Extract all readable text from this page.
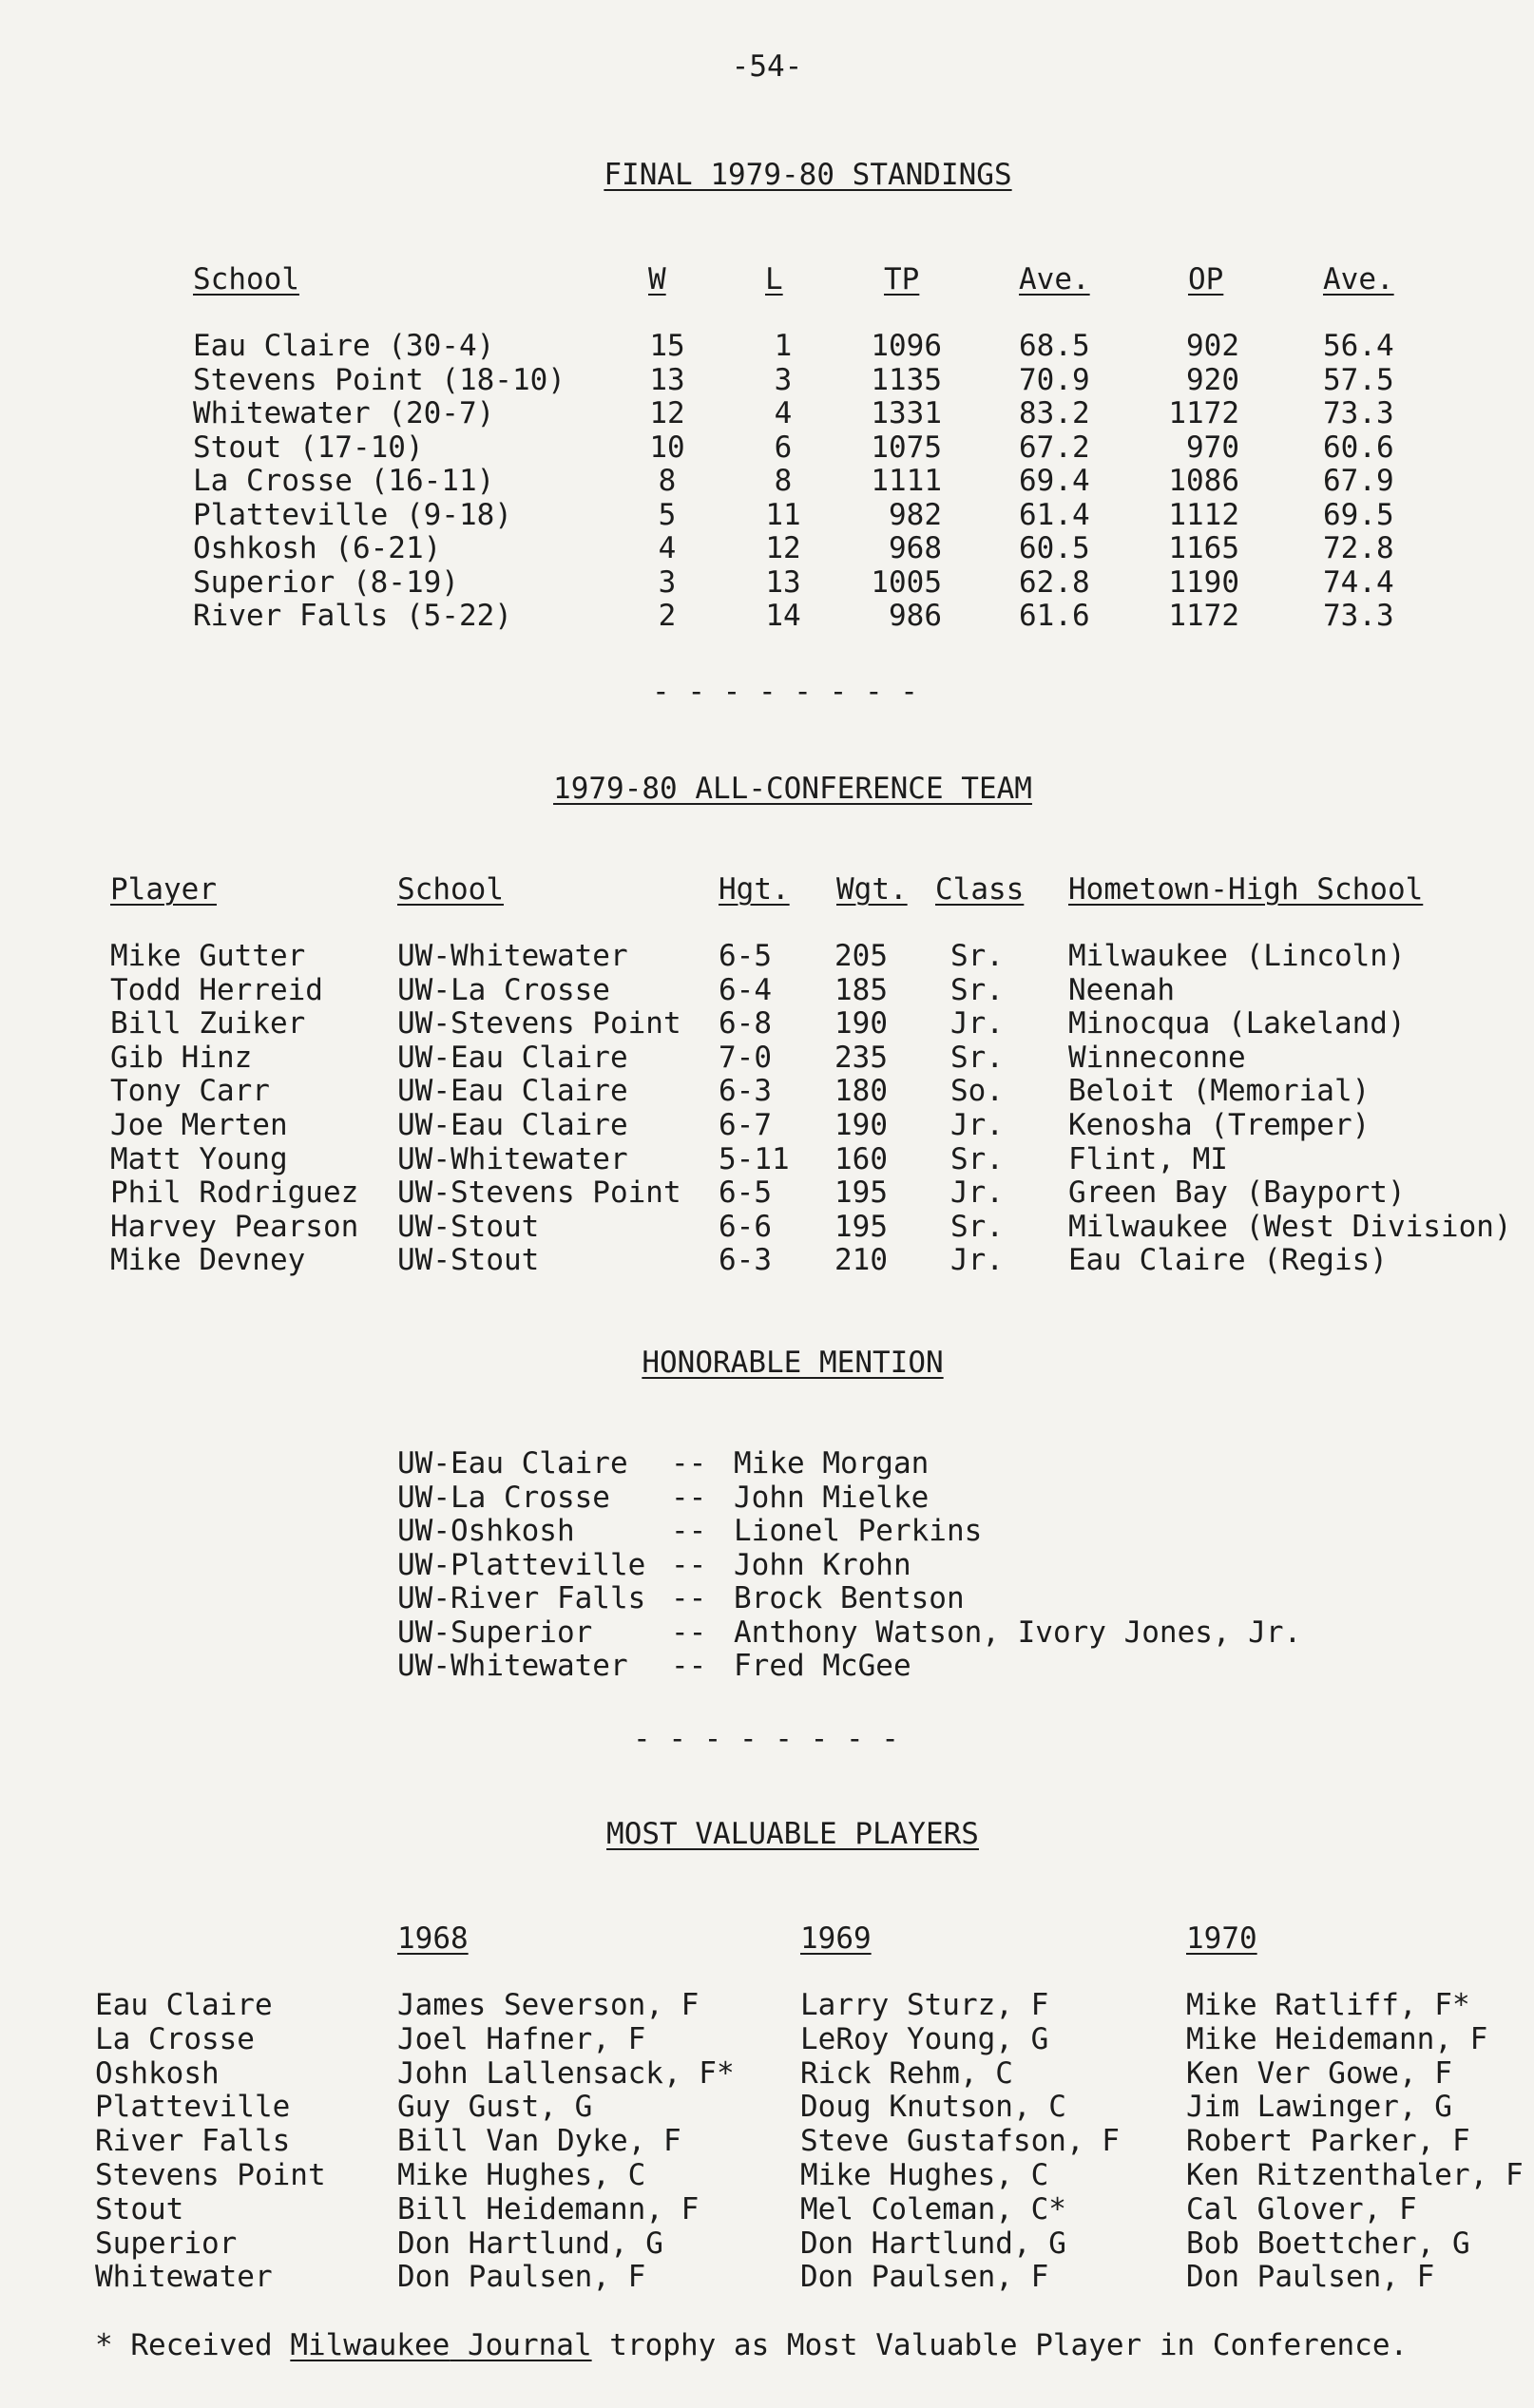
-54-
FINAL 1979-80 STANDINGS
School	W	L	TP	Ave.	OP	Ave.
Eau Claire (30-4)	15	1	1096	68.5	902	56.4
Stevens Point (18-10)	13	3	1135	70.9	920	57.5
Whitewater (20-7)	12	4	1331	83.2	1172	73.3
Stout (17-10)	10	6	1075	67.2	970	60.6
La Crosse (16-11)	8	8	1111	69.4	1086	67.9
Platteville (9-18)	5	11	982	61.4	1112	69.5
Oshkosh (6-21)	4	12	968	60.5	1165	72.8
Superior (8-19)	3	13 1005	62.8	1190	74.4
River Falls (5-22)	2	14	986	61.6	1172	73.3
- - - - - - - -
1979-80 ALL-CONFERENCE TEAM
Player	School	Hgt. Wgt. Class Hometown-High School
Mike Gutter	UW-Whitewater	6-5 205 Sr. Milwaukee (Lincoln)
Todd Herreid	UW-La Crosse	6-4 185 Sr. Neenah
Bill Zuiker	UW-Stevens Point 6-8 190 Jr. Minocqua (Lakeland)
Gib Hinz	UW-Eau Claire	7-0 235 Sr. Winneconne
Tony Carr	UW-Eau Claire	6-3 180 So. Beloit (Memorial)
Joe Merten	UW-Eau Claire	6-7 190 Jr. Kenosha (Tremper)
Matt Young	UW-Whitewater	5-11 160 Sr. Flint, MI
Phil Rodriguez UW-Stevens Point 6-5 195 Jr. Green Bay (Bayport)
Harvey Pearson UW-Stout	6-6 195 Sr. Milwaukee (West Division)
Mike Devney	UW-Stout	6-3 210 Jr. Eau Claire (Regis)
HONORABLE MENTION
UW-Eau Claire -- Mike Morgan
UW-La Crosse -- John Mielke
UW-Oshkosh	-- Lionel Perkins
UW-Platteville -- John Krohn
UW-River Falls -- Brock Bentson
UW-Superior	-- Anthony Watson, Ivory Jones, Jr.
UW-Whitewater -- Fred McGee
- - - - - - - -
MOST VALUABLE PLAYERS
1968	1969	1970
Eau Claire	James Severson, F	Larry Sturz, F	Mike Ratliff, F*
La Crosse	Joel Hafner, F	LeRoy Young, G	Mike Heidemann, F
Oshkosh	John Lallensack, F* Rick Rehm, C	Ken Ver Gowe, F
Platteville	Guy Gust, G	Doug Knutson, C	Jim Lawinger, G
River Falls	Bill Van Dyke, F	Steve Gustafson, F Robert Parker, F
Stevens Point Mike Hughes, C	Mike Hughes, C	Ken Ritzenthaler, F
Stout	Bill Heidemann, F	Mel Coleman, C*	Cal Glover, F
Superior	Don Hartlund, G	Don Hartlund, G	Bob Boettcher, G
Whitewater	Don Paulsen, F	Don Paulsen, F	Don Paulsen, F
* Received Milwaukee Journal trophy as Most Valuable Player in Conference.
